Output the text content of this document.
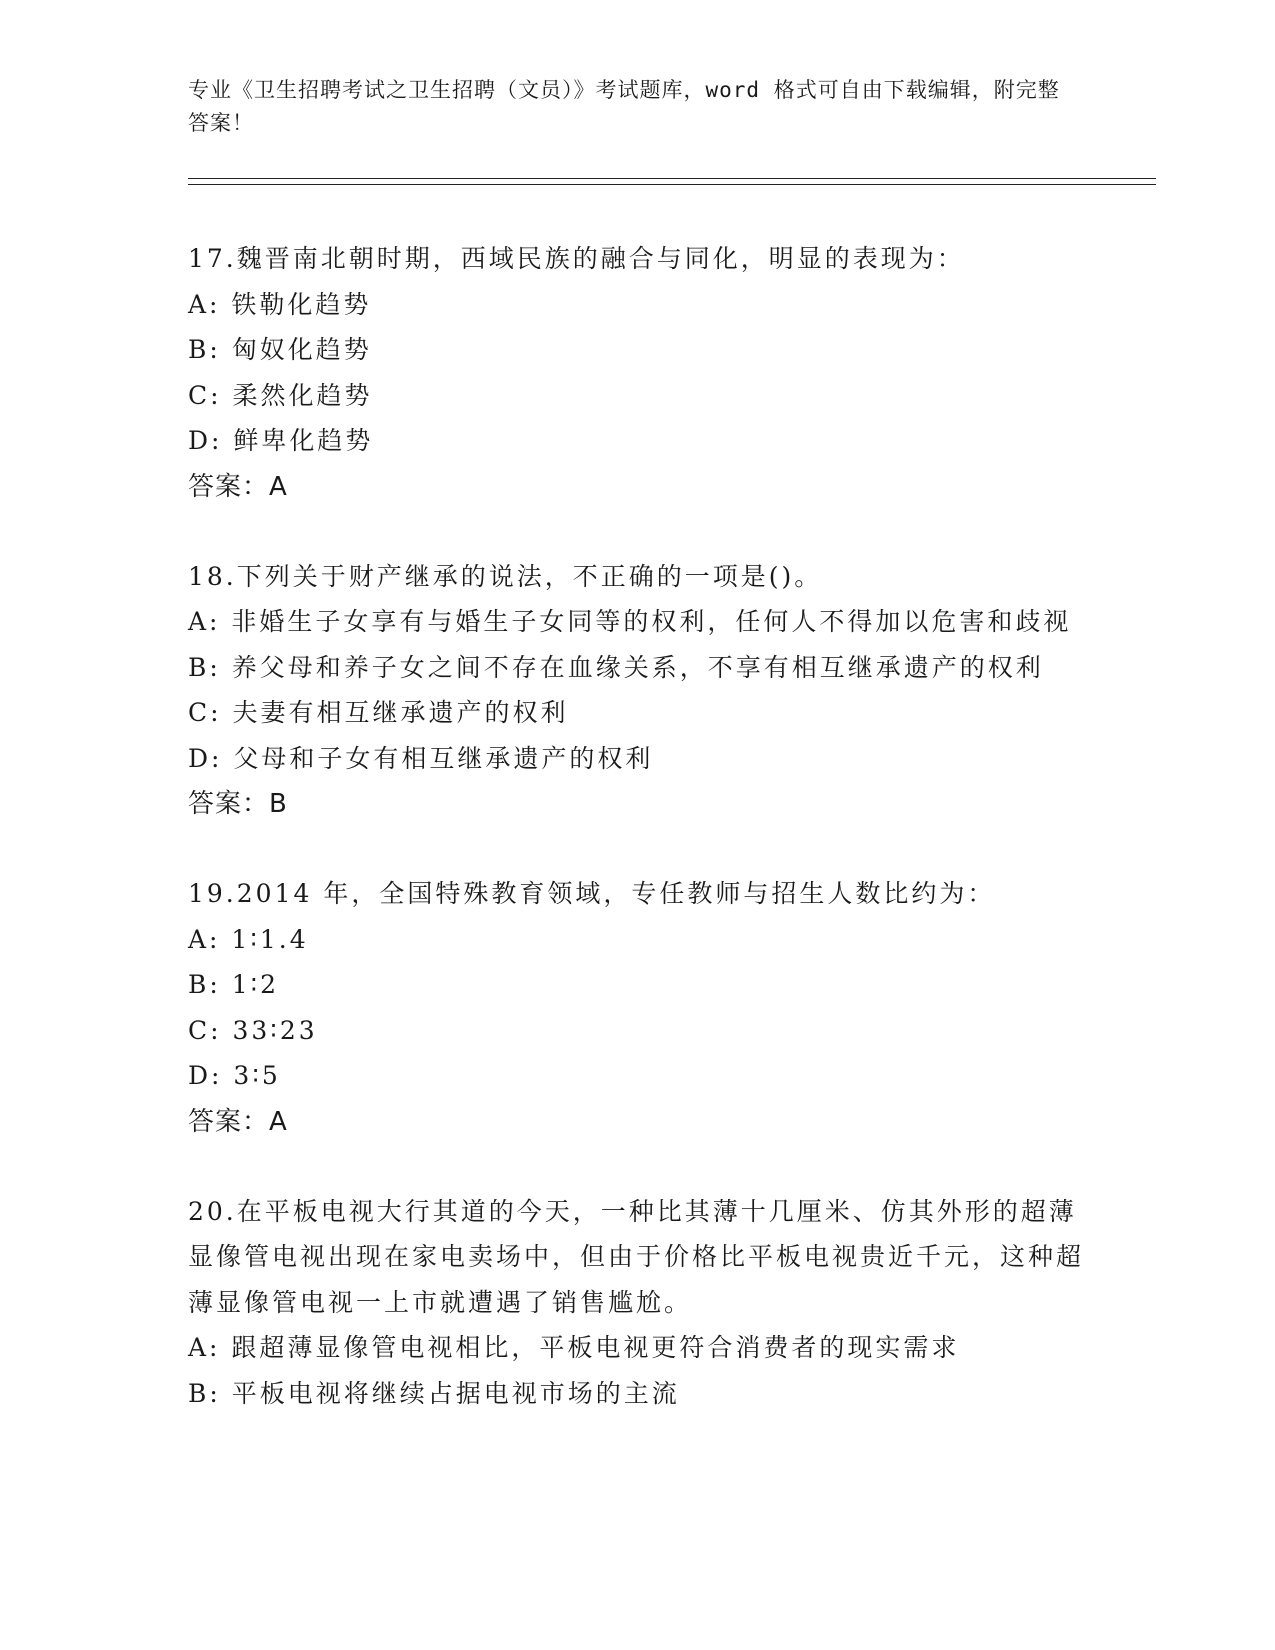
专业《卫生招聘考试之卫生招聘（文员）》考试题库，word 格式可自由下载编辑，附完整答案！
17.魏晋南北朝时期，西域民族的融合与同化，明显的表现为：
A: 铁勒化趋势
B: 匈奴化趋势
C: 柔然化趋势
D: 鲜卑化趋势
答案：A
18.下列关于财产继承的说法，不正确的一项是()。
A: 非婚生子女享有与婚生子女同等的权利，任何人不得加以危害和歧视
B: 养父母和养子女之间不存在血缘关系，不享有相互继承遗产的权利
C: 夫妻有相互继承遗产的权利
D: 父母和子女有相互继承遗产的权利
答案：B
19.2014 年，全国特殊教育领域，专任教师与招生人数比约为：
A: 1∶1.4
B: 1∶2
C: 33∶23
D: 3∶5
答案：A
20.在平板电视大行其道的今天，一种比其薄十几厘米、仿其外形的超薄显像管电视出现在家电卖场中，但由于价格比平板电视贵近千元，这种超薄显像管电视一上市就遭遇了销售尴尬。
A: 跟超薄显像管电视相比，平板电视更符合消费者的现实需求
B: 平板电视将继续占据电视市场的主流
